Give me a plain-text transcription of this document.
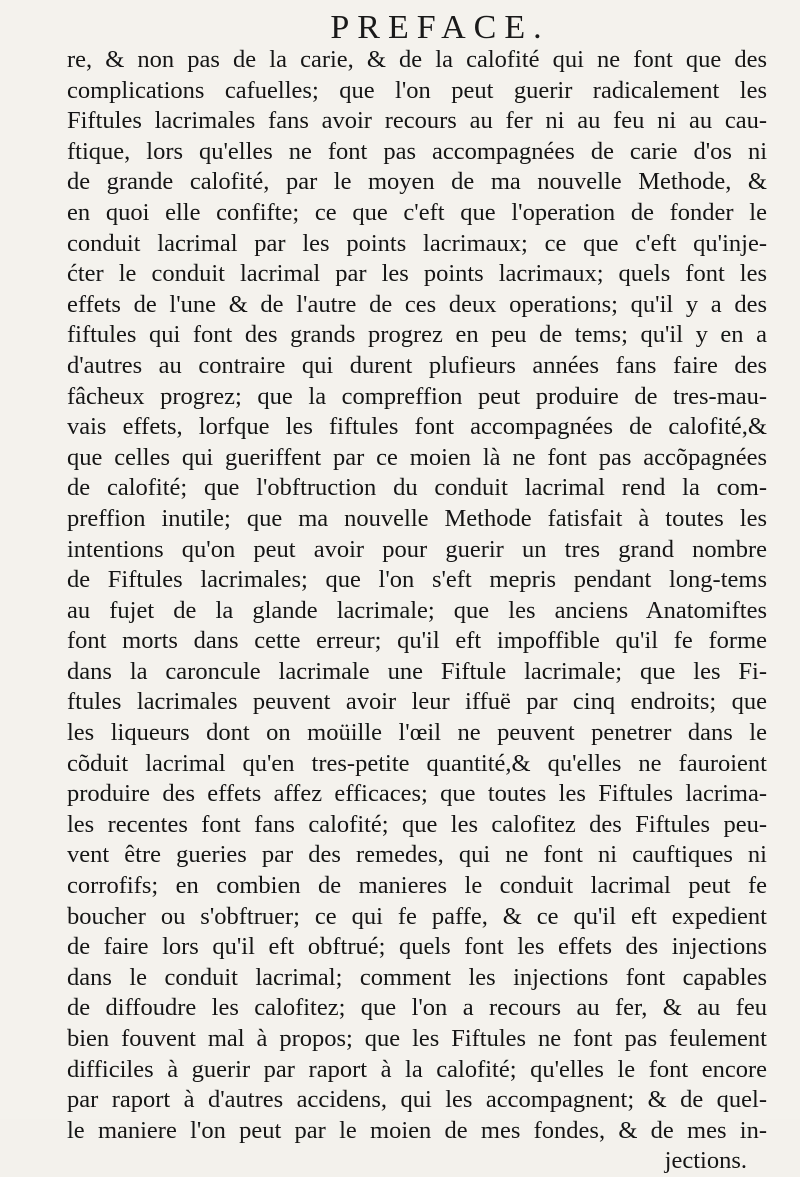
PREFACE.
re, & non pas de la carie, & de la calofité qui ne font que des
complications cafuelles; que l'on peut guerir radicalement les
Fiftules lacrimales fans avoir recours au fer ni au feu ni au cau-
ftique, lors qu'elles ne font pas accompagnées de carie d'os ni
de grande calofité, par le moyen de ma nouvelle Methode, &
en quoi elle confifte; ce que c'eft que l'operation de fonder le
conduit lacrimal par les points lacrimaux; ce que c'eft qu'inje-
ćter le conduit lacrimal par les points lacrimaux; quels font les
effets de l'une & de l'autre de ces deux operations; qu'il y a des
fiftules qui font des grands progrez en peu de tems; qu'il y en a
d'autres au contraire qui durent plufieurs années fans faire des
fâcheux progrez; que la compreffion peut produire de tres-mau-
vais effets, lorfque les fiftules font accompagnées de calofité,&
que celles qui gueriffent par ce moien là ne font pas accõpagnées
de calofité; que l'obftruction du conduit lacrimal rend la com-
preffion inutile; que ma nouvelle Methode fatisfait à toutes les
intentions qu'on peut avoir pour guerir un tres grand nombre
de Fiftules lacrimales; que l'on s'eft mepris pendant long-tems
au fujet de la glande lacrimale; que les anciens Anatomiftes
font morts dans cette erreur; qu'il eft impoffible qu'il fe forme
dans la caroncule lacrimale une Fiftule lacrimale; que les Fi-
ftules lacrimales peuvent avoir leur iffuë par cinq endroits; que
les liqueurs dont on moüille l'œil ne peuvent penetrer dans le
cõduit lacrimal qu'en tres-petite quantité,& qu'elles ne fauroient
produire des effets affez efficaces; que toutes les Fiftules lacrima-
les recentes font fans calofité; que les calofitez des Fiftules peu-
vent être gueries par des remedes, qui ne font ni cauftiques ni
corrofifs; en combien de manieres le conduit lacrimal peut fe
boucher ou s'obftruer; ce qui fe paffe, & ce qu'il eft expedient
de faire lors qu'il eft obftrué; quels font les effets des injections
dans le conduit lacrimal; comment les injections font capables
de diffoudre les calofitez; que l'on a recours au fer, & au feu
bien fouvent mal à propos; que les Fiftules ne font pas feulement
difficiles à guerir par raport à la calofité; qu'elles le font encore
par raport à d'autres accidens, qui les accompagnent; & de quel-
le maniere l'on peut par le moien de mes fondes, & de mes in-
jections.
